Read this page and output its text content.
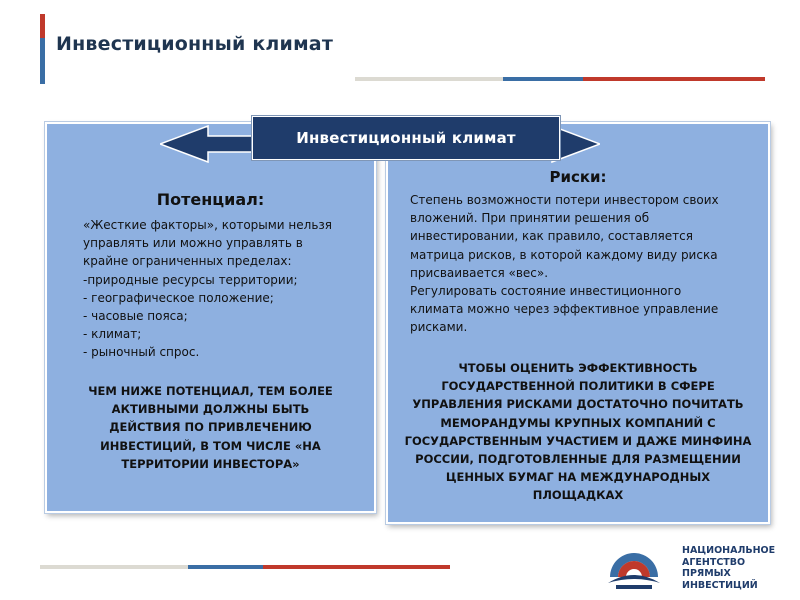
Инвестиционный климат
Потенциал:
«Жесткие факторы», которыми нельзя
управлять или можно управлять в
крайне ограниченных пределах:
-природные ресурсы территории;
- географическое положение;
- часовые пояса;
- климат;
- рыночный спрос.
ЧЕМ НИЖЕ ПОТЕНЦИАЛ, ТЕМ БОЛЕЕ АКТИВНЫМИ ДОЛЖНЫ БЫТЬ ДЕЙСТВИЯ ПО ПРИВЛЕЧЕНИЮ ИНВЕСТИЦИЙ, В ТОМ ЧИСЛЕ «НА ТЕРРИТОРИИ ИНВЕСТОРА»
Риски:
Степень возможности потери инвестором своих
вложений. При принятии решения об
инвестировании, как правило, составляется
матрица рисков, в которой каждому виду риска
присваивается «вес».
Регулировать состояние инвестиционного
климата можно через эффективное управление
рисками.
ЧТОБЫ ОЦЕНИТЬ ЭФФЕКТИВНОСТЬ ГОСУДАРСТВЕННОЙ ПОЛИТИКИ В СФЕРЕ УПРАВЛЕНИЯ РИСКАМИ ДОСТАТОЧНО ПОЧИТАТЬ МЕМОРАНДУМЫ КРУПНЫХ КОМПАНИЙ С ГОСУДАРСТВЕННЫМ УЧАСТИЕМ И ДАЖЕ МИНФИНА РОССИИ, ПОДГОТОВЛЕННЫЕ ДЛЯ РАЗМЕЩЕНИИ ЦЕННЫХ БУМАГ НА МЕЖДУНАРОДНЫХ ПЛОЩАДКАХ
Инвестиционный климат
НАЦИОНАЛЬНОЕ
АГЕНТСТВО
ПРЯМЫХ
ИНВЕСТИЦИЙ
